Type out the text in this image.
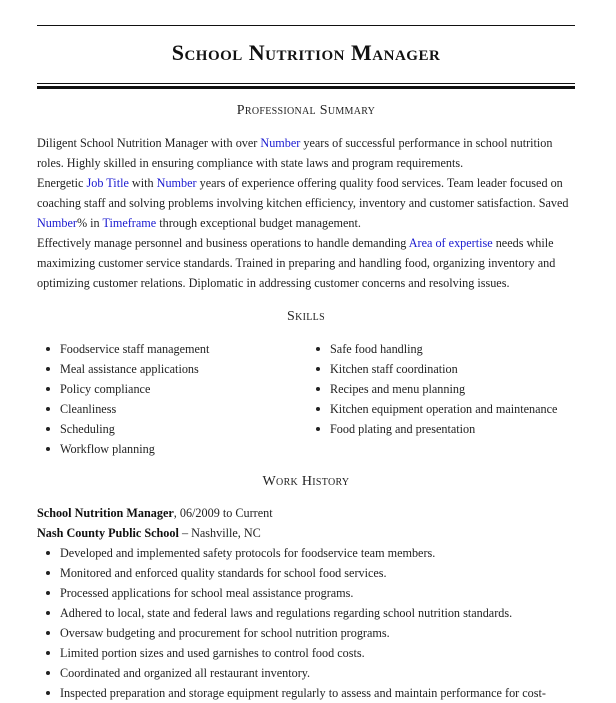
School Nutrition Manager
Professional Summary

Diligent School Nutrition Manager with over Number years of successful performance in school nutrition roles. Highly skilled in ensuring compliance with state laws and program requirements.

Energetic Job Title with Number years of experience offering quality food services. Team leader focused on coaching staff and solving problems involving kitchen efficiency, inventory and customer satisfaction. Saved Number% in Timeframe through exceptional budget management.

Effectively manage personnel and business operations to handle demanding Area of expertise needs while maximizing customer service standards. Trained in preparing and handling food, organizing inventory and optimizing customer relations. Diplomatic in addressing customer concerns and resolving issues.

Skills
Foodservice staff management
Meal assistance applications
Policy compliance
Cleanliness
Scheduling
Workflow planning
Safe food handling
Kitchen staff coordination
Recipes and menu planning
Kitchen equipment operation and maintenance
Food plating and presentation
Work History
School Nutrition Manager, 06/2009 to Current
Nash County Public School – Nashville, NC
Developed and implemented safety protocols for foodservice team members.
Monitored and enforced quality standards for school food services.
Processed applications for school meal assistance programs.
Adhered to local, state and federal laws and regulations regarding school nutrition standards.
Oversaw budgeting and procurement for school nutrition programs.
Limited portion sizes and used garnishes to control food costs.
Coordinated and organized all restaurant inventory.
Inspected preparation and storage equipment regularly to assess and maintain performance for cost-
